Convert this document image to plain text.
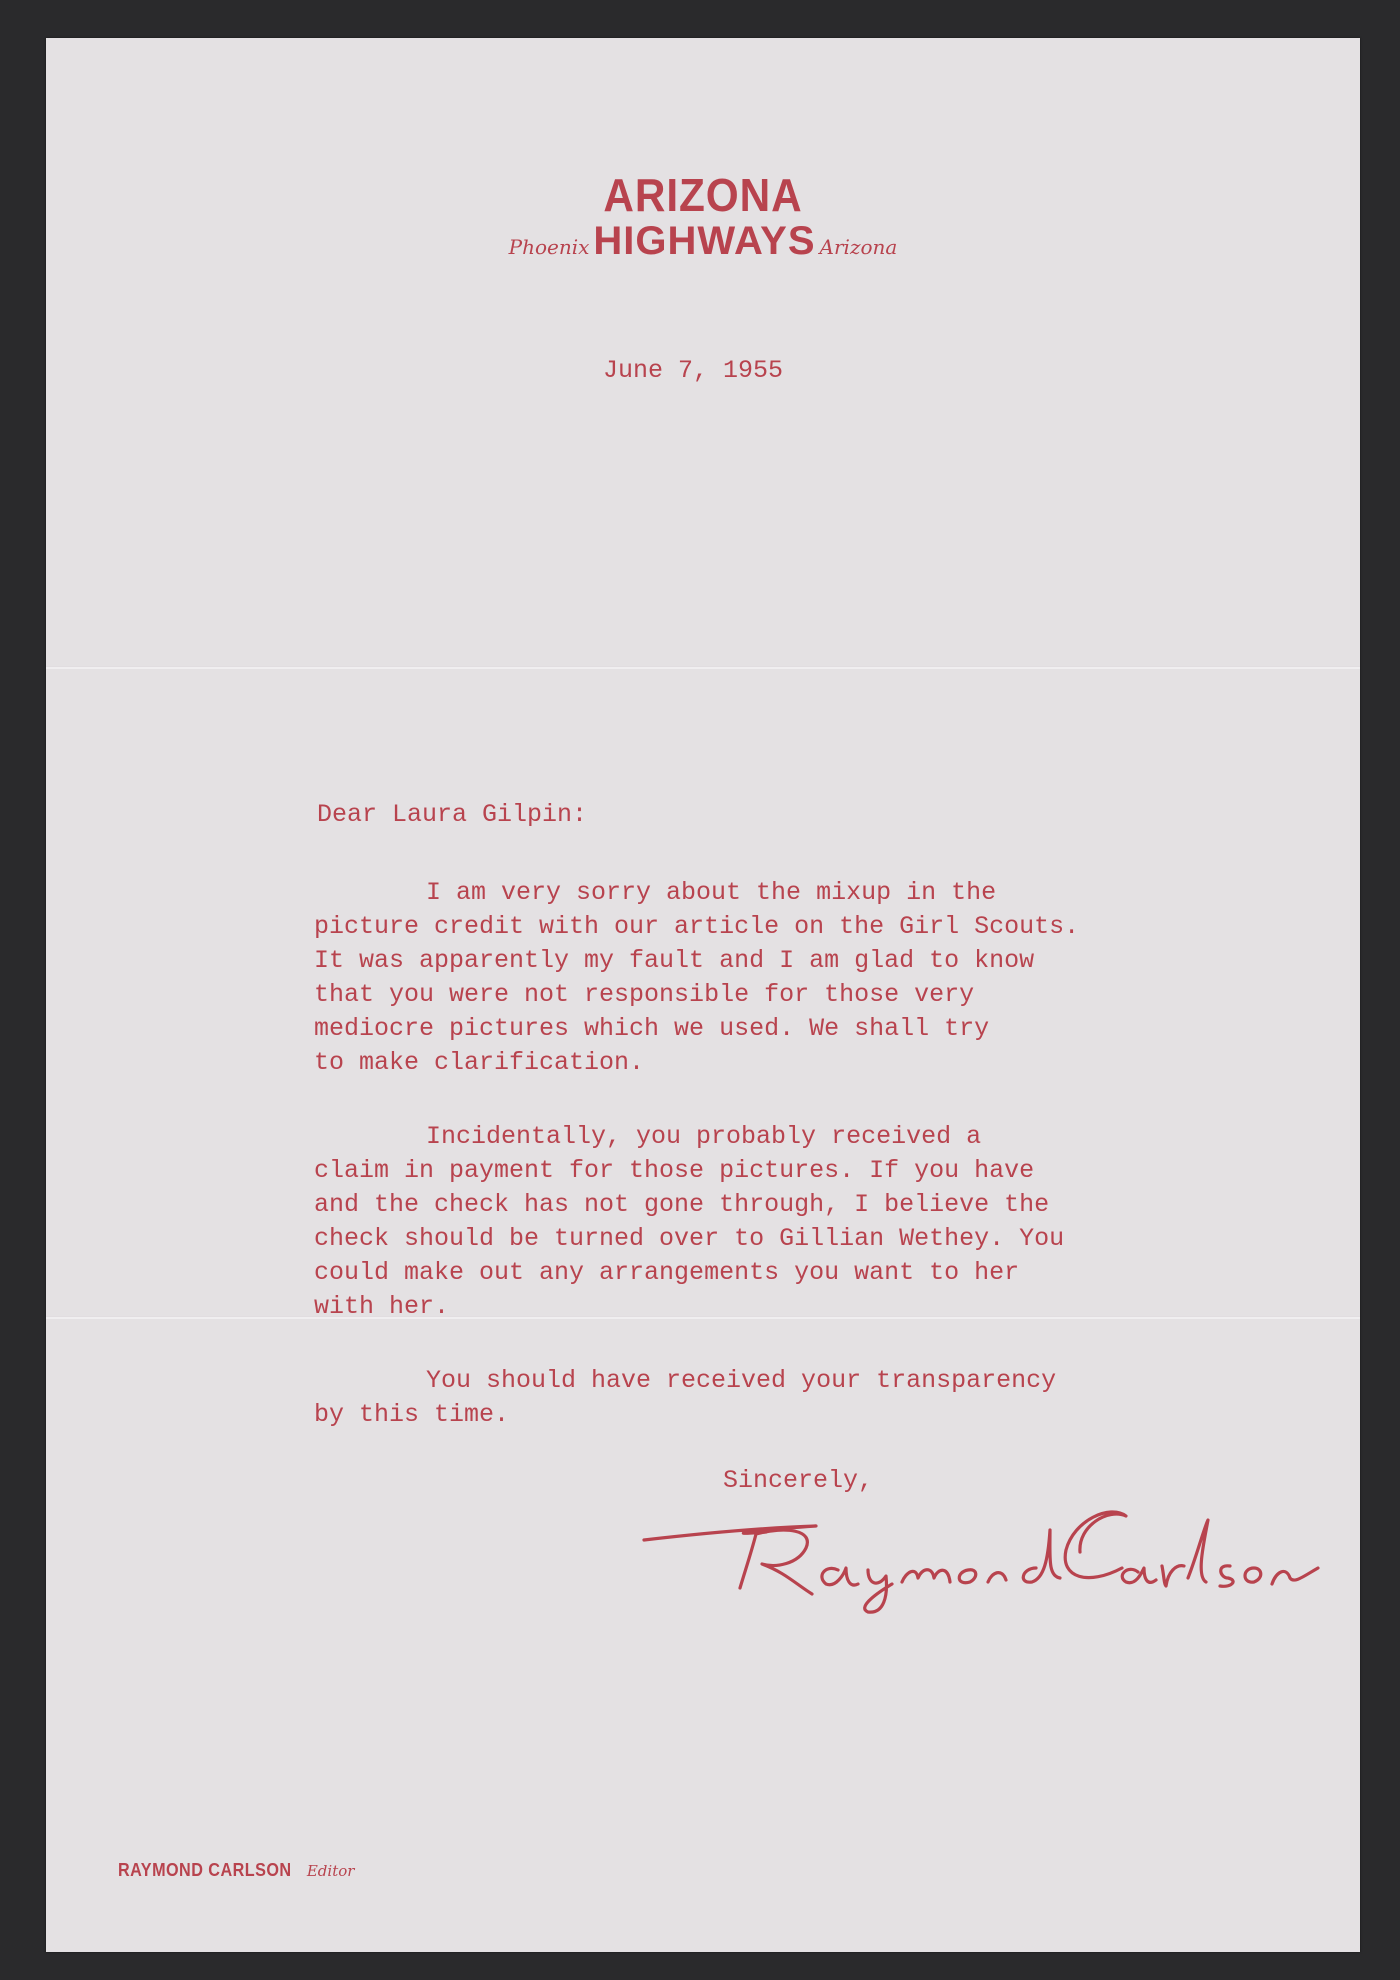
ARIZONA
Phoenix HIGHWAYS Arizona
June 7, 1955
Dear Laura Gilpin:

I am very sorry about the mixup in the
picture credit with our article on the Girl Scouts.
It was apparently my fault and I am glad to know
that you were not responsible for those very
mediocre pictures which we used. We shall try
to make clarification.

Incidentally, you probably received a
claim in payment for those pictures. If you have
and the check has not gone through, I believe the
check should be turned over to Gillian Wethey. You
could make out any arrangements you want to her
with her.

You should have received your transparency
by this time.

Sincerely,
RAYMOND CARLSON Editor
